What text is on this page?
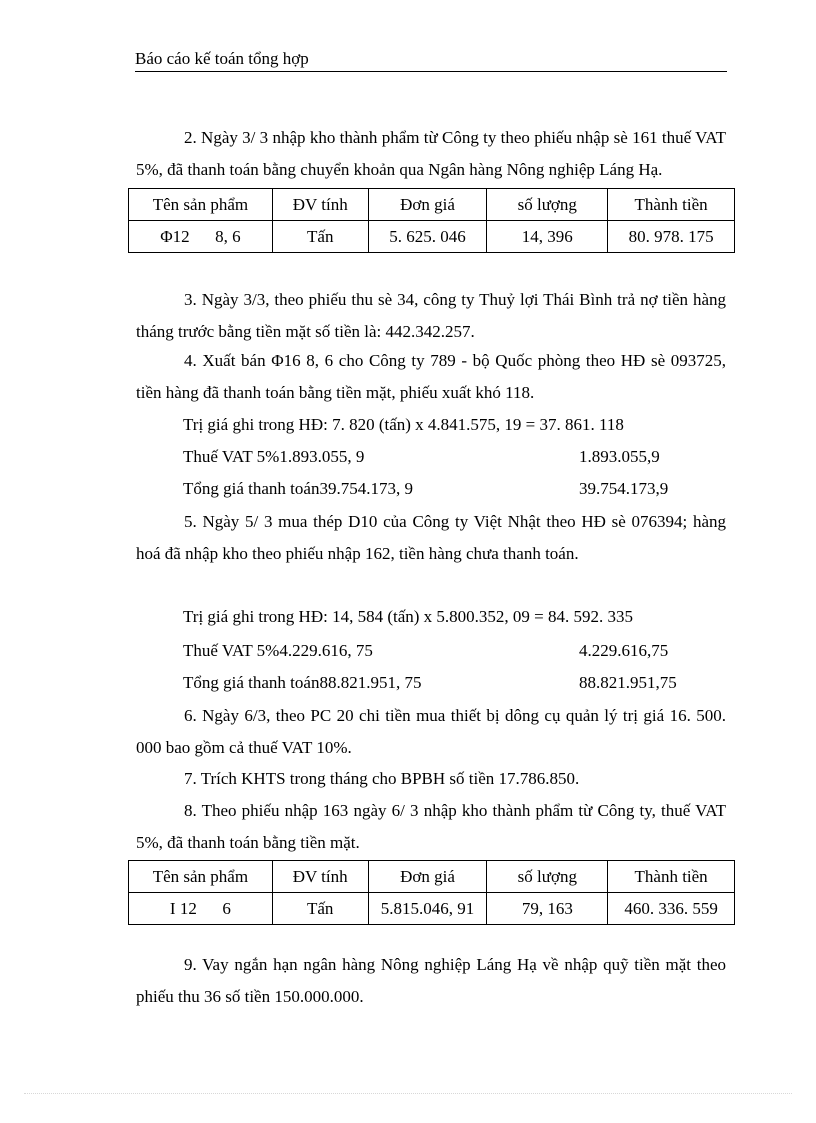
Báo cáo kế toán tổng hợp
2. Ngày 3/ 3 nhập kho thành phẩm từ Công ty theo phiếu nhập sè 161 thuế VAT 5%, đã thanh toán bằng chuyển khoản qua Ngân hàng Nông nghiệp Láng Hạ.
Tên sản phẩm	ĐV tính	Đơn giá	số lượng	Thành tiền
Φ12      8, 6	Tấn	5. 625. 046	14, 396	80. 978. 175
3. Ngày 3/3, theo phiếu thu sè 34, công ty Thuỷ lợi Thái Bình trả nợ tiền hàng tháng trước bằng tiền mặt số tiền là: 442.342.257.
4. Xuất bán Φ16 8, 6 cho Công ty 789 - bộ Quốc phòng theo HĐ sè 093725, tiền hàng đã thanh toán bằng tiền mặt, phiếu xuất khó 118.
Trị giá ghi trong HĐ: 7. 820 (tấn) x 4.841.575, 19 = 37. 861. 118
Thuế VAT 5%1.893.055, 9	1.893.055,9
Tổng giá thanh toán39.754.173, 9	39.754.173,9
5. Ngày 5/ 3 mua thép D10 của Công ty Việt Nhật theo HĐ sè 076394; hàng hoá đã nhập kho theo phiếu nhập 162, tiền hàng chưa thanh toán.
Trị giá ghi trong HĐ: 14, 584 (tấn) x 5.800.352, 09 = 84. 592. 335
Thuế VAT 5%4.229.616, 75	4.229.616,75
Tổng giá thanh toán88.821.951, 75	88.821.951,75
6. Ngày 6/3, theo PC 20 chi tiền mua thiết bị dông cụ quản lý trị giá 16. 500. 000 bao gồm cả thuế VAT 10%.
7. Trích KHTS trong tháng cho BPBH số tiền 17.786.850.
8. Theo phiếu nhập 163 ngày 6/ 3 nhập kho thành phẩm từ Công ty, thuế VAT 5%, đã thanh toán bằng tiền mặt.
Tên sản phẩm	ĐV tính	Đơn giá	số lượng	Thành tiền
I 12      6	Tấn	5.815.046, 91	79, 163	460. 336. 559
9. Vay ngắn hạn ngân hàng Nông nghiệp Láng Hạ về nhập quỹ tiền mặt theo phiếu thu 36 số tiền 150.000.000.
